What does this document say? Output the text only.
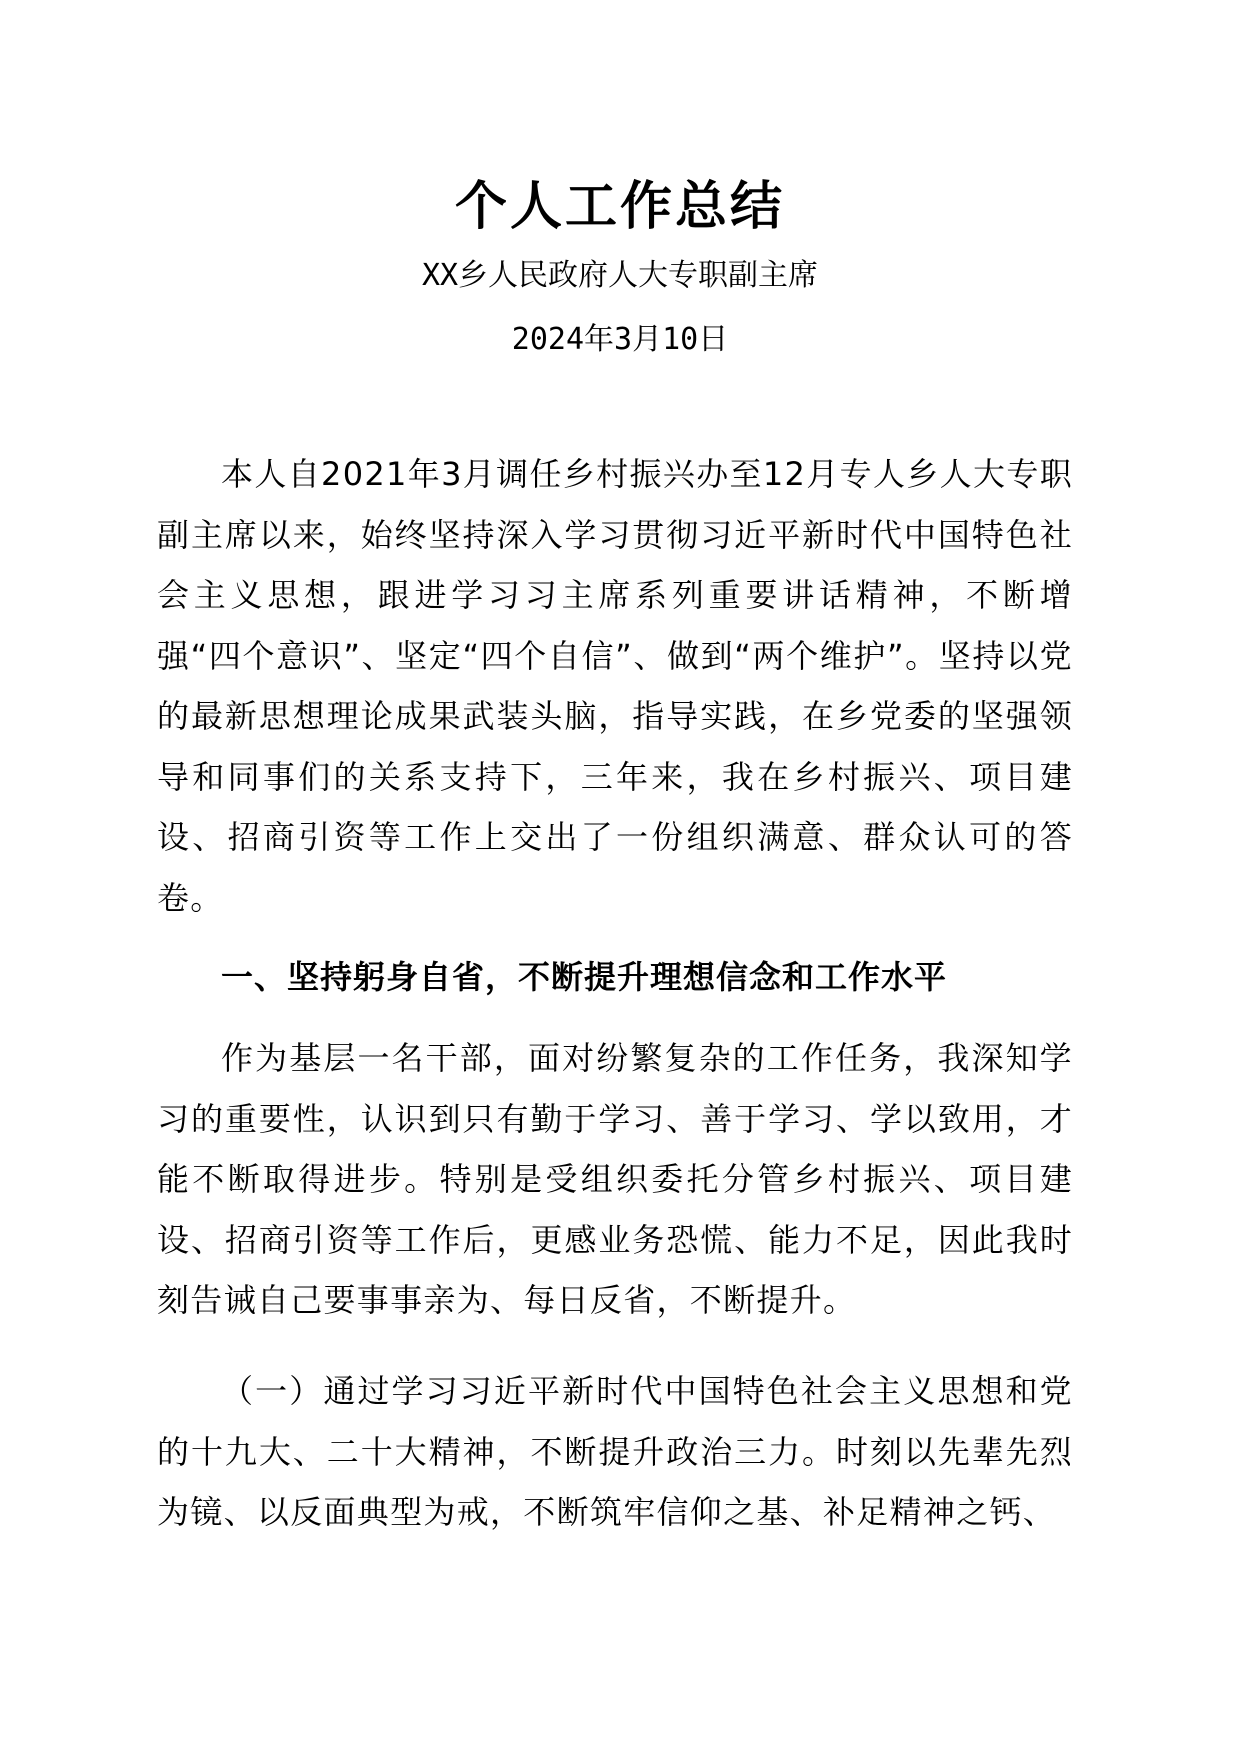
个人工作总结

XX乡人民政府人大专职副主席

2024年3月10日

本人自2021年3月调任乡村振兴办至12月专人乡人大专职副主席以来，始终坚持深入学习贯彻习近平新时代中国特色社会主义思想，跟进学习习主席系列重要讲话精神，不断增强“四个意识”、坚定“四个自信”、做到“两个维护”。坚持以党的最新思想理论成果武装头脑，指导实践，在乡党委的坚强领导和同事们的关系支持下，三年来，我在乡村振兴、项目建设、招商引资等工作上交出了一份组织满意、群众认可的答卷。

一、坚持躬身自省，不断提升理想信念和工作水平

作为基层一名干部，面对纷繁复杂的工作任务，我深知学习的重要性，认识到只有勤于学习、善于学习、学以致用，才能不断取得进步。特别是受组织委托分管乡村振兴、项目建设、招商引资等工作后，更感业务恐慌、能力不足，因此我时刻告诫自己要事事亲为、每日反省，不断提升。

（一）通过学习习近平新时代中国特色社会主义思想和党的十九大、二十大精神，不断提升政治三力。时刻以先辈先烈为镜、以反面典型为戒，不断筑牢信仰之基、补足精神之钙、
